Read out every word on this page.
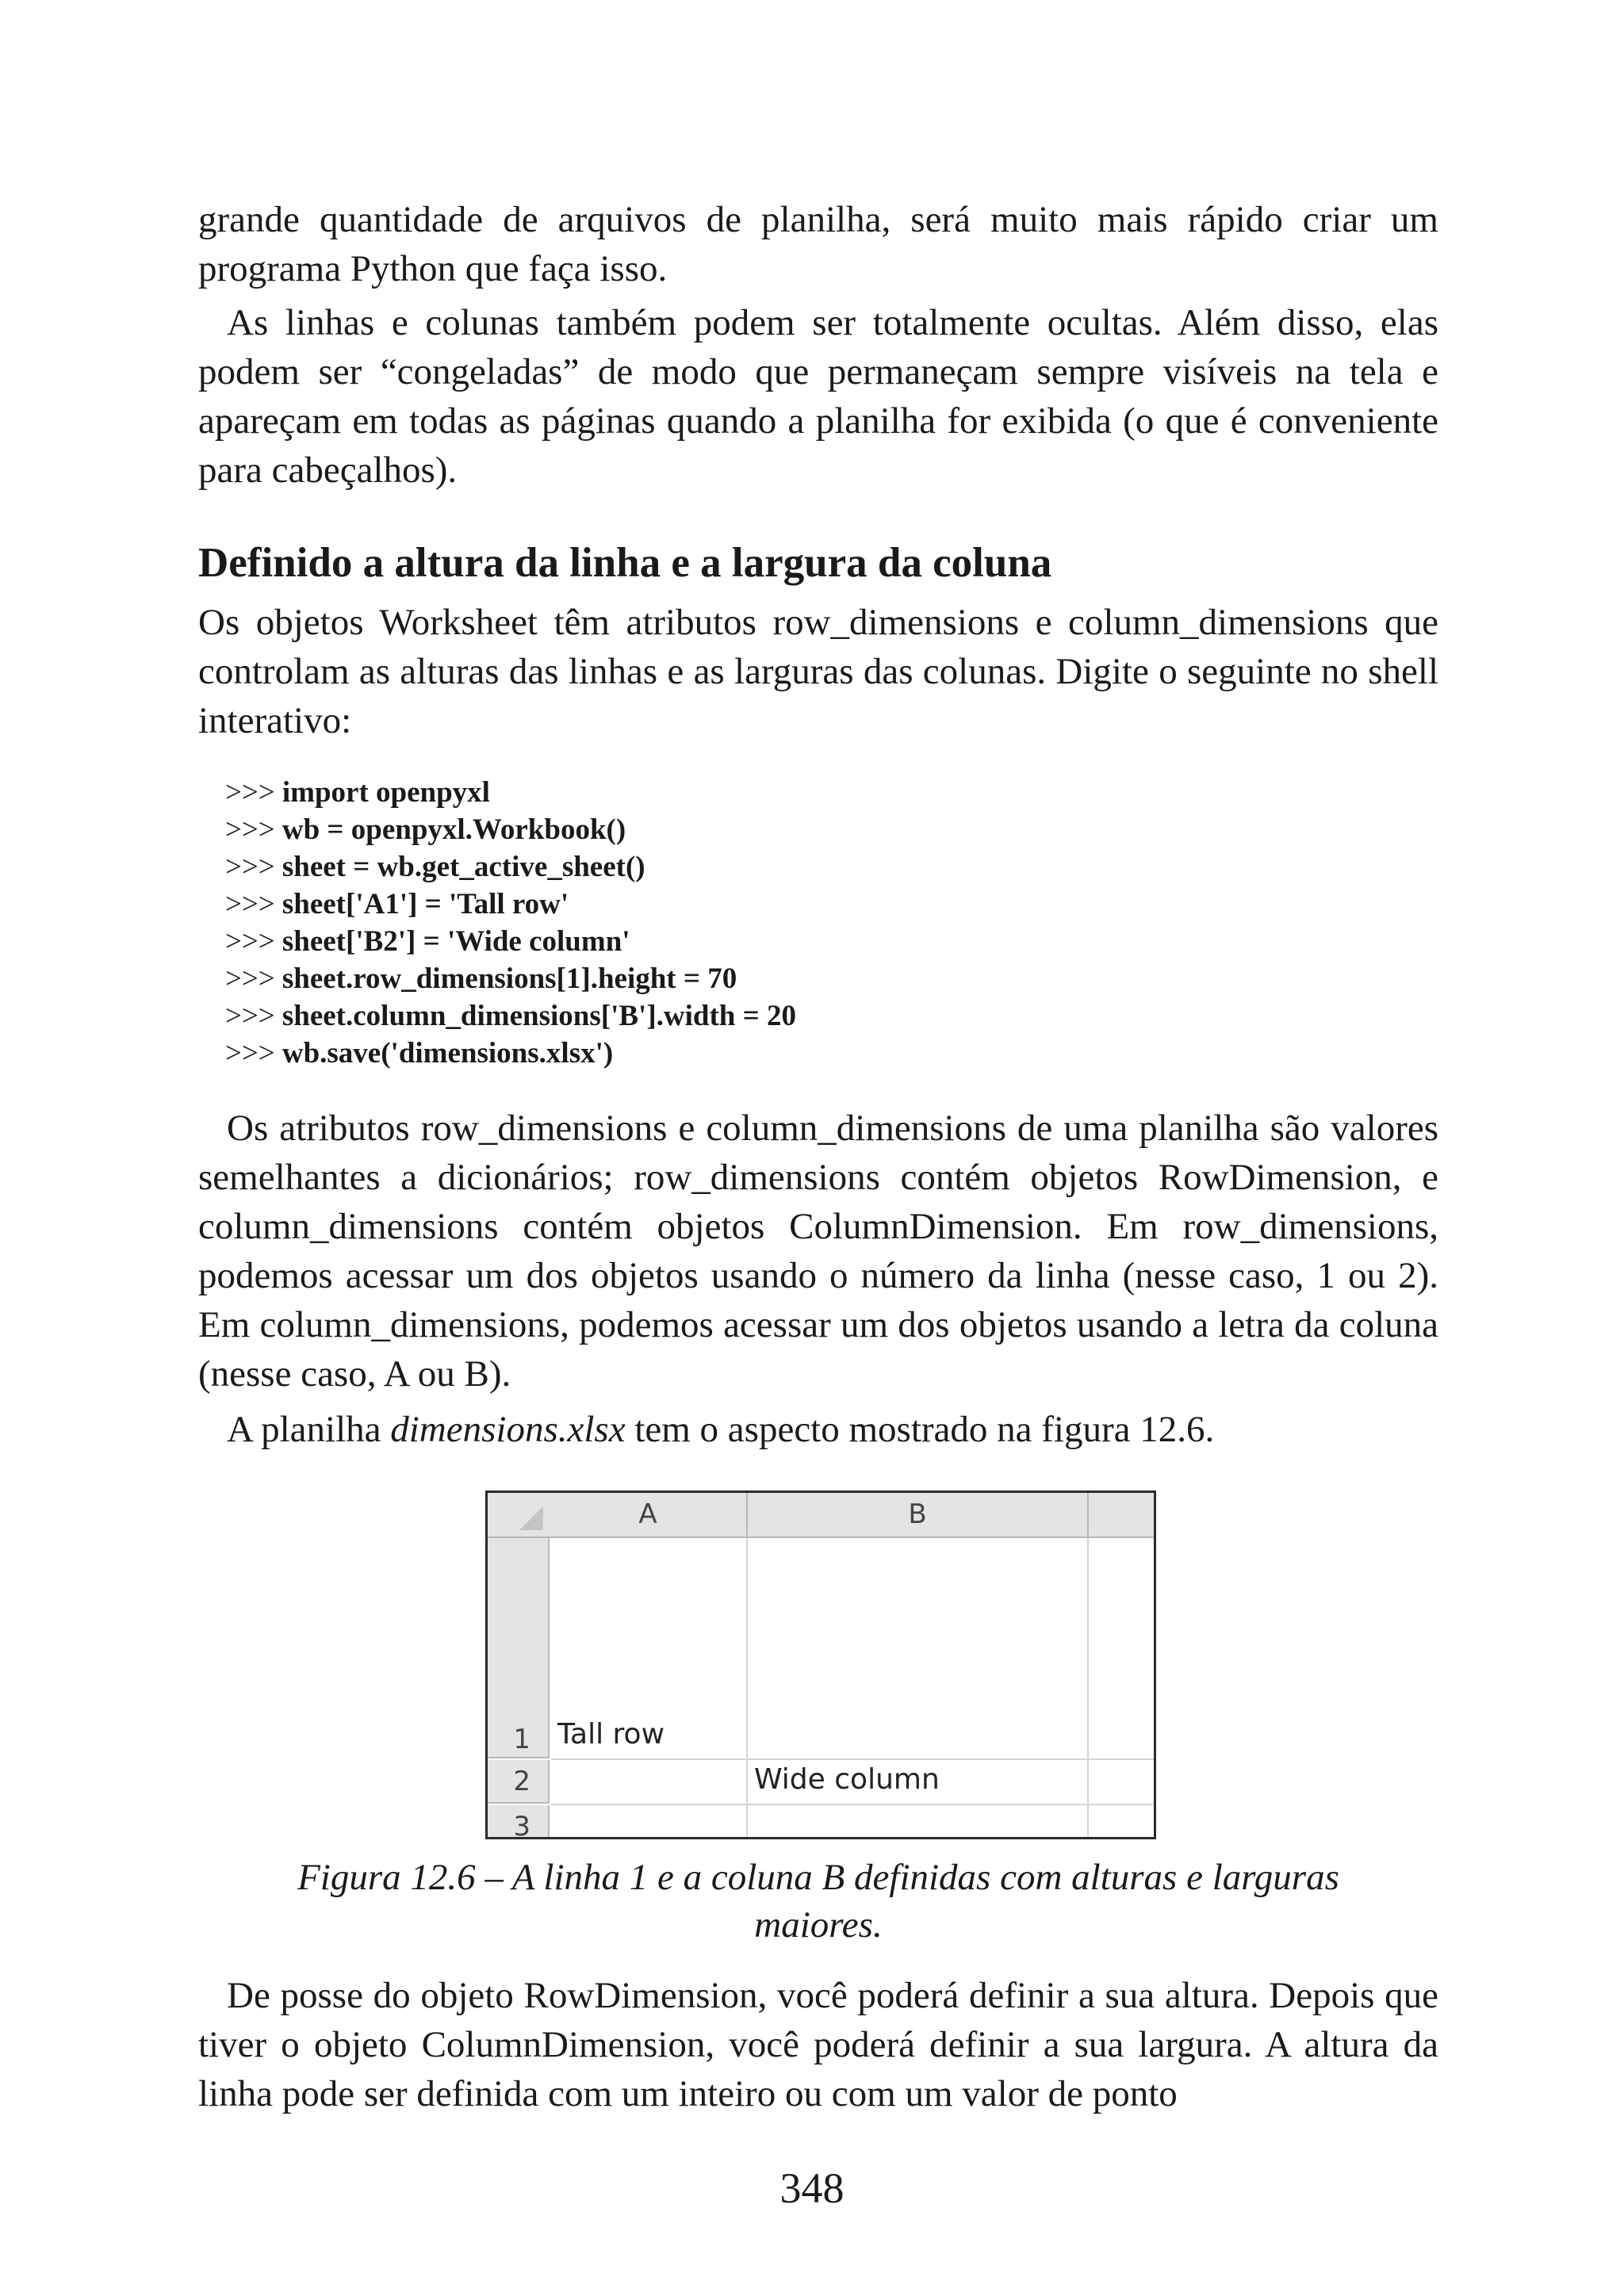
grande quantidade de arquivos de planilha, será muito mais rápido criar um programa Python que faça isso.

As linhas e colunas também podem ser totalmente ocultas. Além disso, elas podem ser “congeladas” de modo que permaneçam sempre visíveis na tela e apareçam em todas as páginas quando a planilha for exibida (o que é conveniente para cabeçalhos).

Definido a altura da linha e a largura da coluna

Os objetos Worksheet têm atributos row_dimensions e column_dimensions que controlam as alturas das linhas e as larguras das colunas. Digite o seguinte no shell interativo:

>>> import openpyxl
>>> wb = openpyxl.Workbook()
>>> sheet = wb.get_active_sheet()
>>> sheet['A1'] = 'Tall row'
>>> sheet['B2'] = 'Wide column'
>>> sheet.row_dimensions[1].height = 70
>>> sheet.column_dimensions['B'].width = 20
>>> wb.save('dimensions.xlsx')

Os atributos row_dimensions e column_dimensions de uma planilha são valores semelhantes a dicionários; row_dimensions contém objetos RowDimension, e column_dimensions contém objetos ColumnDimension. Em row_dimensions, podemos acessar um dos objetos usando o número da linha (nesse caso, 1 ou 2). Em column_dimensions, podemos acessar um dos objetos usando a letra da coluna (nesse caso, A ou B).

A planilha dimensions.xlsx tem o aspecto mostrado na figura 12.6.

A	B
1
2
3
Tall row
Wide column

Figura 12.6 – A linha 1 e a coluna B definidas com alturas e larguras
maiores.

De posse do objeto RowDimension, você poderá definir a sua altura. Depois que tiver o objeto ColumnDimension, você poderá definir a sua largura. A altura da linha pode ser definida com um inteiro ou com um valor de ponto

348
